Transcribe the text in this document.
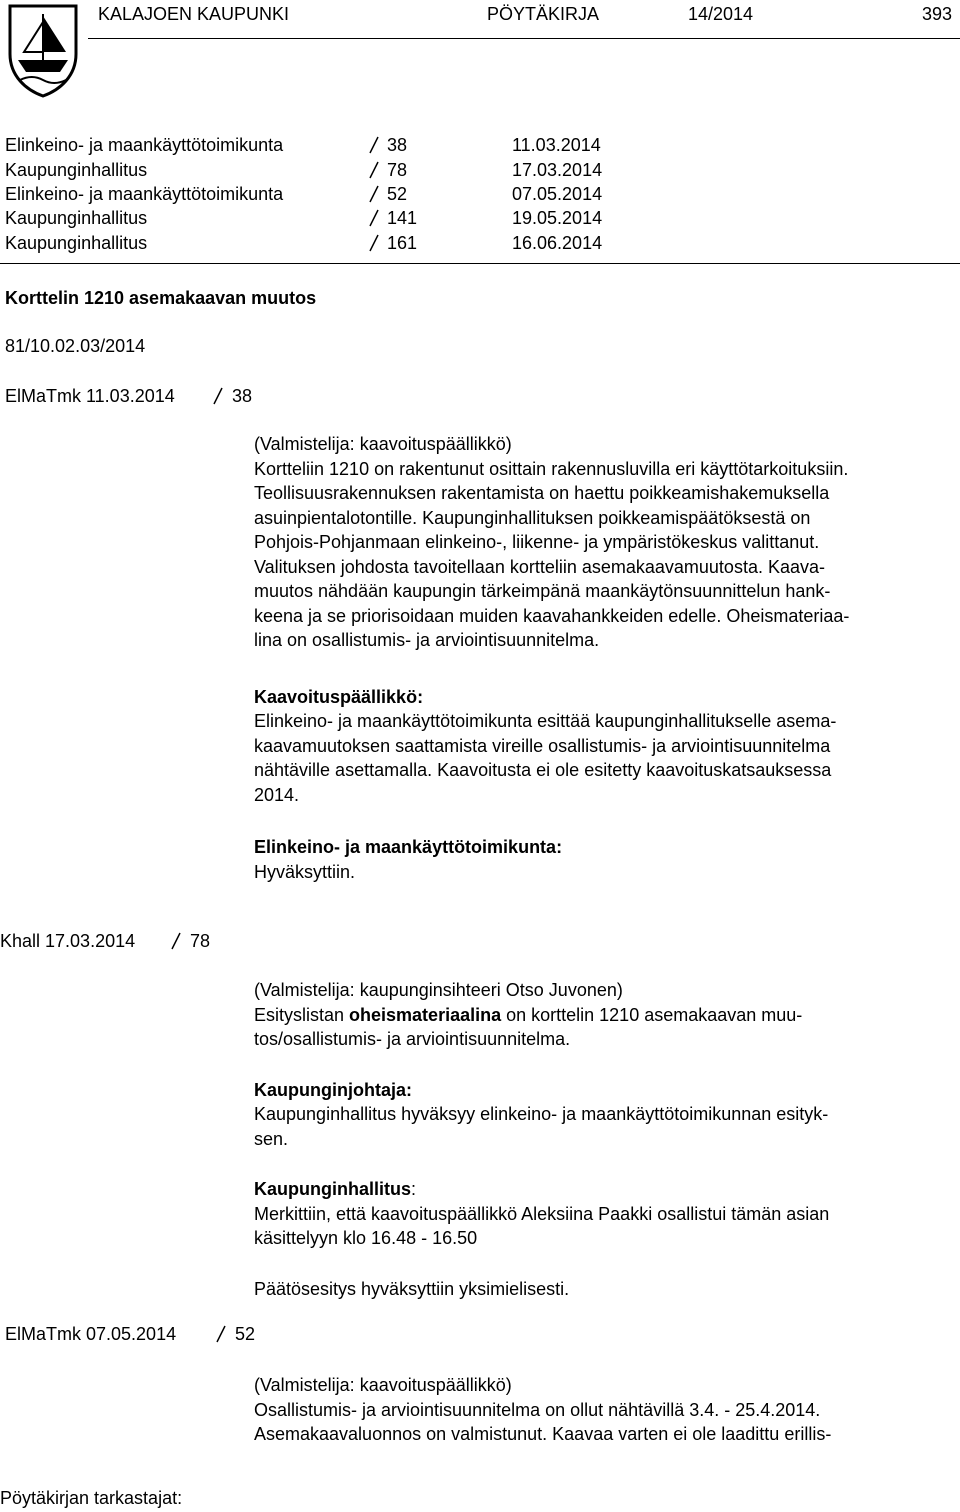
KALAJOEN KAUPUNKI	PÖYTÄKIRJA	14/2014	393
Elinkeino- ja maankäyttötoimikunta	38	11.03.2014
Kaupunginhallitus	78	17.03.2014
Elinkeino- ja maankäyttötoimikunta	52	07.05.2014
Kaupunginhallitus	141	19.05.2014
Kaupunginhallitus	161	16.06.2014
Korttelin 1210 asemakaavan muutos
81/10.02.03/2014
ElMaTmk 11.03.2014	38

(Valmistelija: kaavoituspäällikkö)

Kortteliin 1210 on rakentunut osittain rakennusluvilla eri käyttötarkoituksiin.

Teollisuusrakennuksen rakentamista on haettu poikkeamishakemuksella

asuinpientalotontille. Kaupunginhallituksen poikkeamispäätöksestä on

Pohjois-Pohjanmaan elinkeino-, liikenne- ja ympäristökeskus valittanut.

Valituksen johdosta tavoitellaan kortteliin asemakaavamuutosta. Kaava-

muutos nähdään kaupungin tärkeimpänä maankäytönsuunnittelun hank-

keena ja se priorisoidaan muiden kaavahankkeiden edelle. Oheismateriaa-

lina on osallistumis- ja arviointisuunnitelma.

Kaavoituspäällikkö:

Elinkeino- ja maankäyttötoimikunta esittää kaupunginhallitukselle asema-

kaavamuutoksen saattamista vireille osallistumis- ja arviointisuunnitelma

nähtäville asettamalla. Kaavoitusta ei ole esitetty kaavoituskatsauksessa

2014.

Elinkeino- ja maankäyttötoimikunta:

Hyväksyttiin.

Khall 17.03.2014	78

(Valmistelija: kaupunginsihteeri Otso Juvonen)

Esityslistan oheismateriaalina on korttelin 1210 asemakaavan muu-

tos/osallistumis- ja arviointisuunnitelma.

Kaupunginjohtaja:

Kaupunginhallitus hyväksyy elinkeino- ja maankäyttötoimikunnan esityk-

sen.

Kaupunginhallitus:

Merkittiin, että kaavoituspäällikkö Aleksiina Paakki osallistui tämän asian

käsittelyyn klo 16.48 - 16.50

Päätösesitys hyväksyttiin yksimielisesti.

ElMaTmk 07.05.2014	52

(Valmistelija: kaavoituspäällikkö)

Osallistumis- ja arviointisuunnitelma on ollut nähtävillä 3.4. - 25.4.2014.

Asemakaavaluonnos on valmistunut. Kaavaa varten ei ole laadittu erillis-

Pöytäkirjan tarkastajat:
